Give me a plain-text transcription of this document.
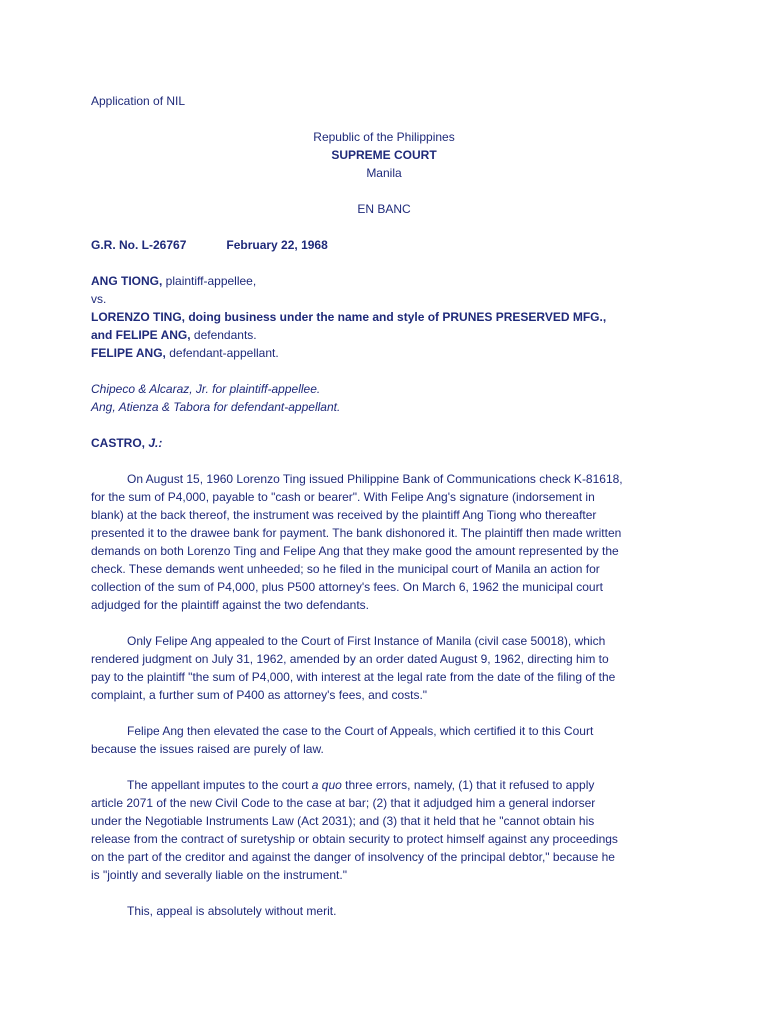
Application of NIL
Republic of the Philippines
SUPREME COURT
Manila
EN BANC
G.R. No. L-26767	February 22, 1968
ANG TIONG, plaintiff-appellee,
vs.
LORENZO TING, doing business under the name and style of PRUNES PRESERVED MFG.,
and FELIPE ANG, defendants.
FELIPE ANG, defendant-appellant.
Chipeco & Alcaraz, Jr. for plaintiff-appellee.
Ang, Atienza & Tabora for defendant-appellant.
CASTRO, J.:
On August 15, 1960 Lorenzo Ting issued Philippine Bank of Communications check K-81618,
for the sum of P4,000, payable to "cash or bearer". With Felipe Ang's signature (indorsement in
blank) at the back thereof, the instrument was received by the plaintiff Ang Tiong who thereafter
presented it to the drawee bank for payment. The bank dishonored it. The plaintiff then made written
demands on both Lorenzo Ting and Felipe Ang that they make good the amount represented by the
check. These demands went unheeded; so he filed in the municipal court of Manila an action for
collection of the sum of P4,000, plus P500 attorney's fees. On March 6, 1962 the municipal court
adjudged for the plaintiff against the two defendants.
Only Felipe Ang appealed to the Court of First Instance of Manila (civil case 50018), which
rendered judgment on July 31, 1962, amended by an order dated August 9, 1962, directing him to
pay to the plaintiff "the sum of P4,000, with interest at the legal rate from the date of the filing of the
complaint, a further sum of P400 as attorney's fees, and costs."
Felipe Ang then elevated the case to the Court of Appeals, which certified it to this Court
because the issues raised are purely of law.
The appellant imputes to the court a quo three errors, namely, (1) that it refused to apply
article 2071 of the new Civil Code to the case at bar; (2) that it adjudged him a general indorser
under the Negotiable Instruments Law (Act 2031); and (3) that it held that he "cannot obtain his
release from the contract of suretyship or obtain security to protect himself against any proceedings
on the part of the creditor and against the danger of insolvency of the principal debtor," because he
is "jointly and severally liable on the instrument."
This, appeal is absolutely without merit.
